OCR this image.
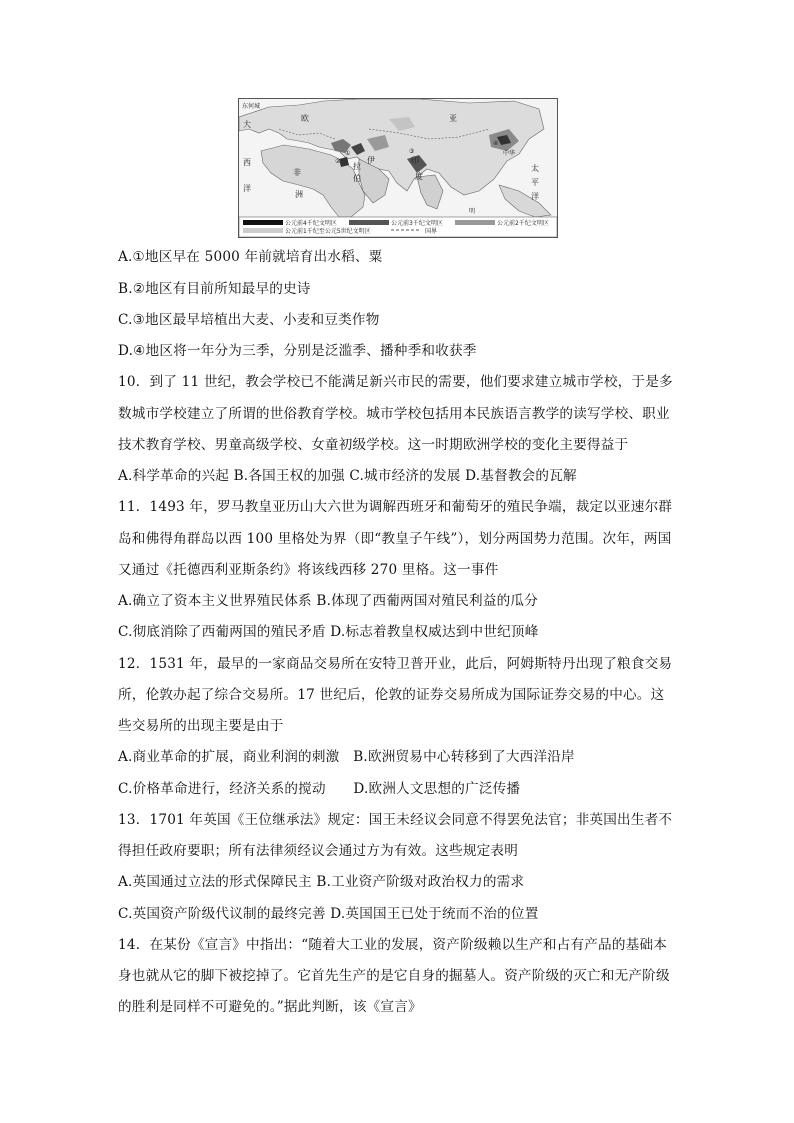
东何城
大
西
洋
非
洲
伊
拉
伯
印
度
亚
中华
太
平
洋
欧
明
①
②
③
④
公元前4千纪文明区	公元前3千纪文明区	公元前2千纪文明区
公元前1千纪至公元5世纪文明区	国界
A.①地区早在 5000 年前就培育出水稻、粟
B.②地区有目前所知最早的史诗
C.③地区最早培植出大麦、小麦和豆类作物
D.④地区将一年分为三季，分别是泛滥季、播种季和收获季
10．到了 11 世纪，教会学校已不能满足新兴市民的需要，他们要求建立城市学校，于是多
数城市学校建立了所谓的世俗教育学校。城市学校包括用本民族语言教学的读写学校、职业
技术教育学校、男童高级学校、女童初级学校。这一时期欧洲学校的变化主要得益于
A.科学革命的兴起 B.各国王权的加强 C.城市经济的发展 D.基督教会的瓦解
11．1493 年，罗马教皇亚历山大六世为调解西班牙和葡萄牙的殖民争端，裁定以亚速尔群
岛和佛得角群岛以西 100 里格处为界（即“教皇子午线”），划分两国势力范围。次年，两国
又通过《托德西利亚斯条约》将该线西移 270 里格。这一事件
A.确立了资本主义世界殖民体系 B.体现了西葡两国对殖民利益的瓜分
C.彻底消除了西葡两国的殖民矛盾 D.标志着教皇权威达到中世纪顶峰
12．1531 年，最早的一家商品交易所在安特卫普开业，此后，阿姆斯特丹出现了粮食交易
所，伦敦办起了综合交易所。17 世纪后，伦敦的证券交易所成为国际证券交易的中心。这
些交易所的出现主要是由于
A.商业革命的扩展，商业利润的刺激　B.欧洲贸易中心转移到了大西洋沿岸
C.价格革命进行，经济关系的搅动　　D.欧洲人文思想的广泛传播
13．1701 年英国《王位继承法》规定：国王未经议会同意不得罢免法官；非英国出生者不
得担任政府要职；所有法律须经议会通过方为有效。这些规定表明
A.英国通过立法的形式保障民主 B.工业资产阶级对政治权力的需求
C.英国资产阶级代议制的最终完善 D.英国国王已处于统而不治的位置
14．在某份《宣言》中指出：“随着大工业的发展，资产阶级赖以生产和占有产品的基础本
身也就从它的脚下被挖掉了。它首先生产的是它自身的掘墓人。资产阶级的灭亡和无产阶级
的胜利是同样不可避免的。”据此判断，该《宣言》
